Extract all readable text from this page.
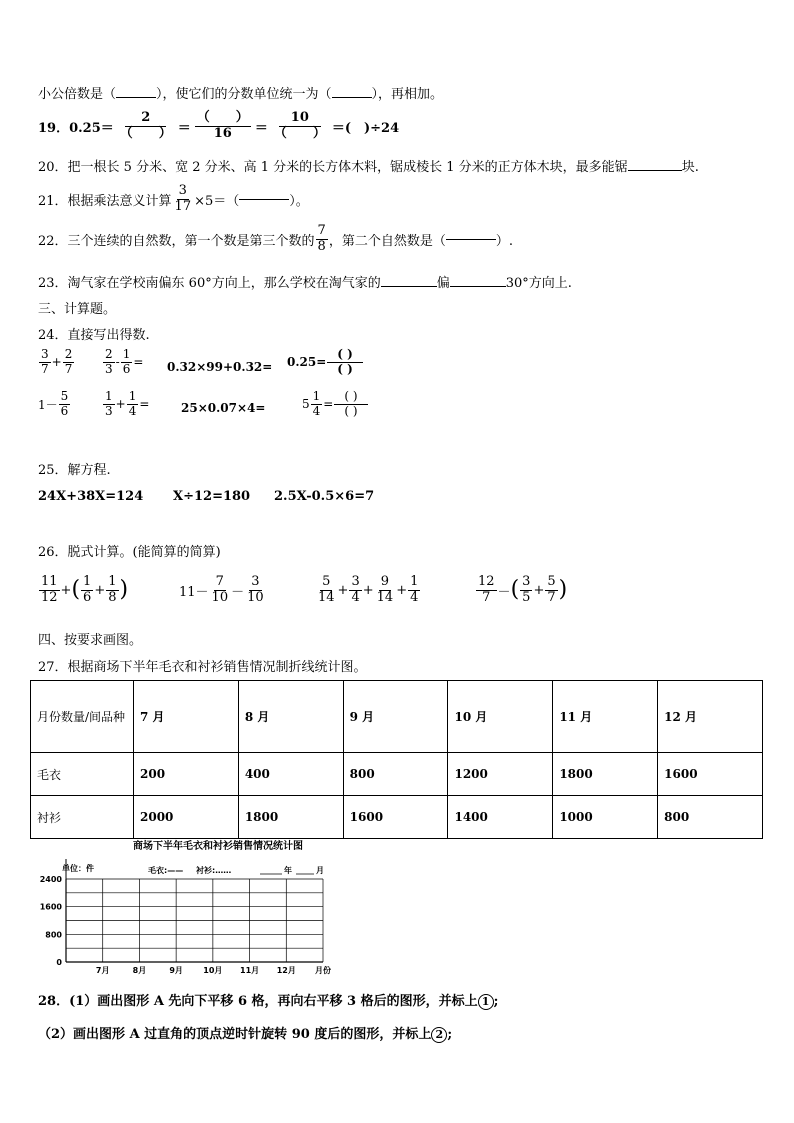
小公倍数是（	），使它们的分数单位统一为（	），再相加。
19．$0.25= \frac{2}{( )} = \frac{( )}{16} = \frac{10}{( )}$ ＝(　)÷24
20．把一根长 5 分米、宽 2 分米、高 1 分米的长方体木料，锯成棱长 1 分米的正方体木块，最多能锯	块.
21．根据乘法意义计算 $\frac{3}{17} \times 5=$（	）。
22．三个连续的自然数，第一个数是第三个数的 $\frac{7}{8}$ ，第二个自然数是（	）.
23．淘气家在学校南偏东 60°方向上，那么学校在淘气家的	偏	30°方向上.
三、计算题。
24．直接写出得数.
$\frac{3}{7} + \frac{2}{7} \frac{2}{3} - \frac{1}{6} = 0.32\times 99+0.32= 0.25= \frac{( )}{( )}$
$1- \frac{5}{6}$	$\frac{1}{3} + \frac{1}{4}$ =	25×0.07×4=	$5 \frac{1}{4} = \frac{( )}{( )}$
25．解方程.
24X+38X=124 X÷12=180 2.5X-0.5×6=7
26．脱式计算。(能简算的简算)
$\frac{11}{12}$ + ( $\frac{1}{6} + \frac{1}{8}$ )	$11- \frac{7}{10} - \frac{3}{10}$	$\frac{5}{14} + \frac{3}{4} + \frac{9}{14} + \frac{1}{4}$	$\frac{12}{7}$ － ( $\frac{3}{5} + \frac{5}{7}$ )
四、按要求画图。
27．根据商场下半年毛衣和衬衫销售情况制折线统计图。
月份数量/间品种	7 月	8 月	9 月	10 月	11 月	12 月
毛衣	200	400	800	1200	1800	1600
衬衫	2000	1800	1600	1400	1000	800
商场下半年毛衣和衬衫销售情况统计图
单位：件	毛衣:—— 衬衫:……	年	月
2400
1600
800
0
7月	8月	9月	10月 11月 12月 月份
28．(1）画出图形 A 先向下平移 6 格，再向右平移 3 格后的图形，并标上 1 ;
（2）画出图形 A 过直角的顶点逆时针旋转 90 度后的图形，并标上 2 ;
